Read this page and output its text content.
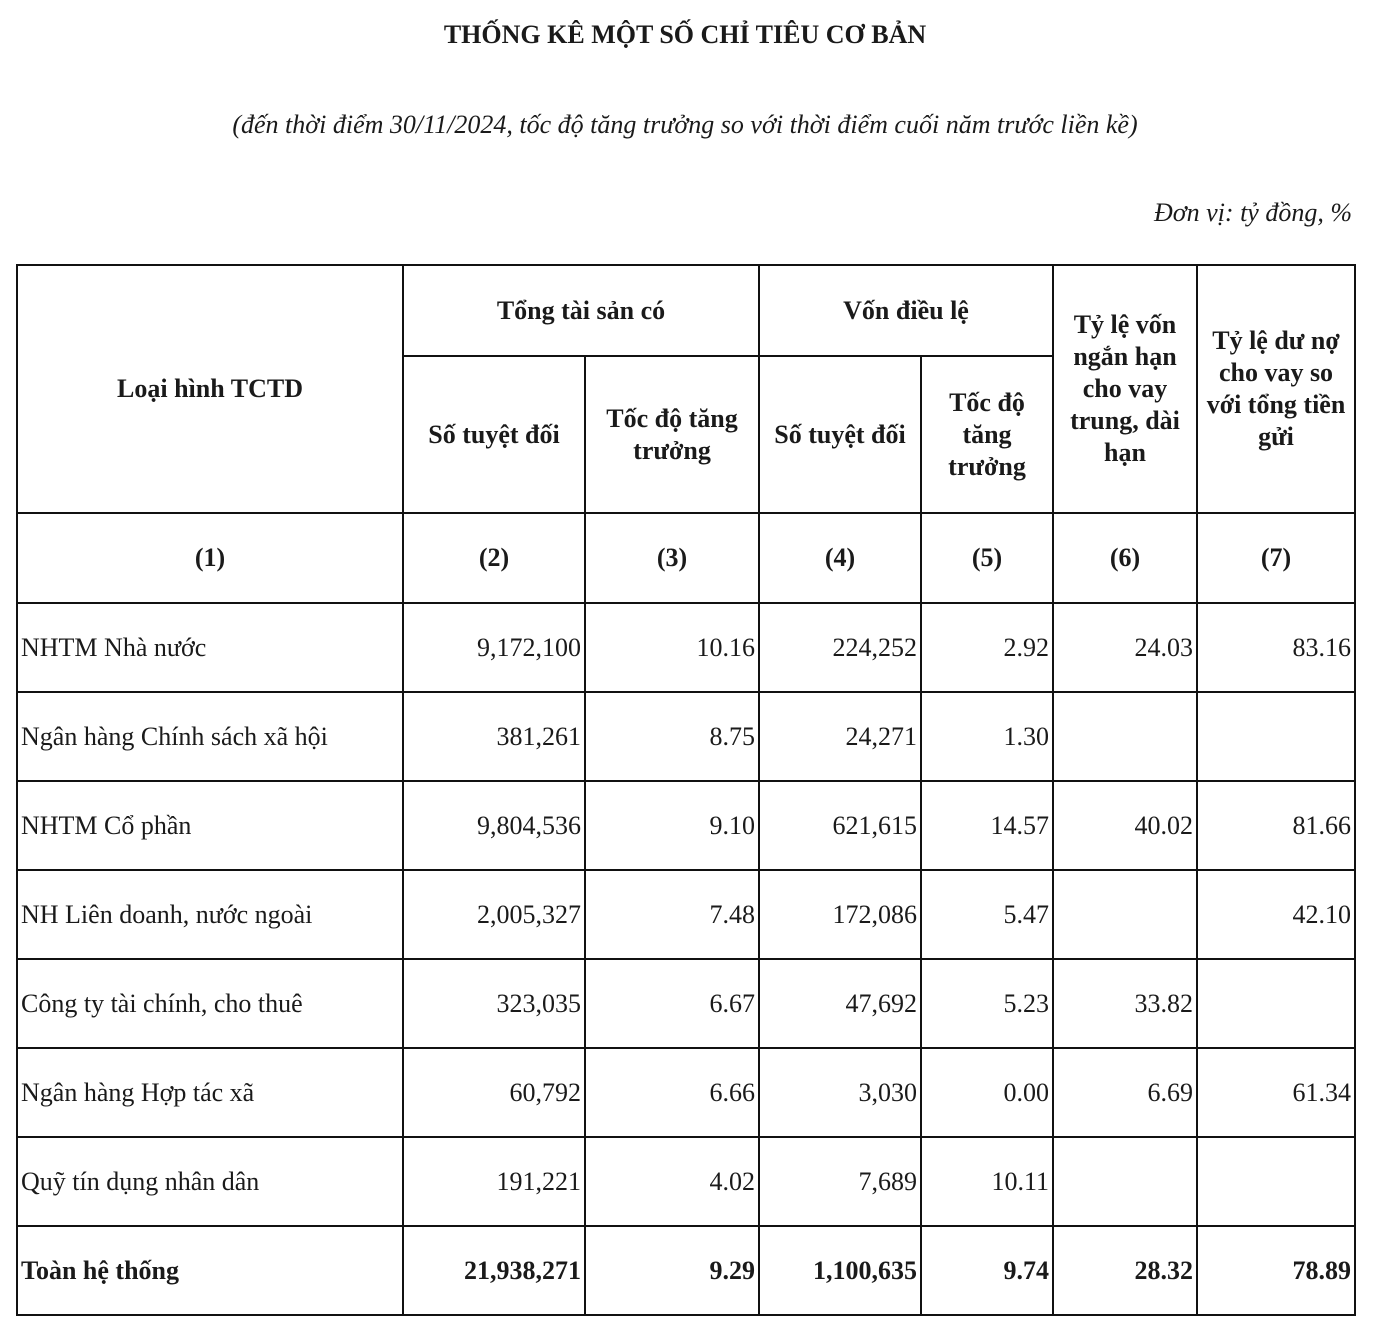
THỐNG KÊ MỘT SỐ CHỈ TIÊU CƠ BẢN
(đến thời điểm 30/11/2024, tốc độ tăng trưởng so với thời điểm cuối năm trước liền kề)
Đơn vị: tỷ đồng, %
Loại hình TCTD	Tổng tài sản có		Vốn điều lệ		Tỷ lệ vốn ngắn hạn cho vay trung, dài hạn	Tỷ lệ dư nợ cho vay so với tổng tiền gửi
	Số tuyệt đối	Tốc độ tăng trưởng	Số tuyệt đối	Tốc độ tăng trưởng		
(1)	(2)	(3)	(4)	(5)	(6)	(7)
NHTM Nhà nước	9,172,100	10.16	224,252	2.92	24.03	83.16
Ngân hàng Chính sách xã hội	381,261	8.75	24,271	1.30		
NHTM Cổ phần	9,804,536	9.10	621,615	14.57	40.02	81.66
NH Liên doanh, nước ngoài	2,005,327	7.48	172,086	5.47		42.10
Công ty tài chính, cho thuê	323,035	6.67	47,692	5.23	33.82	
Ngân hàng Hợp tác xã	60,792	6.66	3,030	0.00	6.69	61.34
Quỹ tín dụng nhân dân	191,221	4.02	7,689	10.11		
Toàn hệ thống	21,938,271	9.29	1,100,635	9.74	28.32	78.89
